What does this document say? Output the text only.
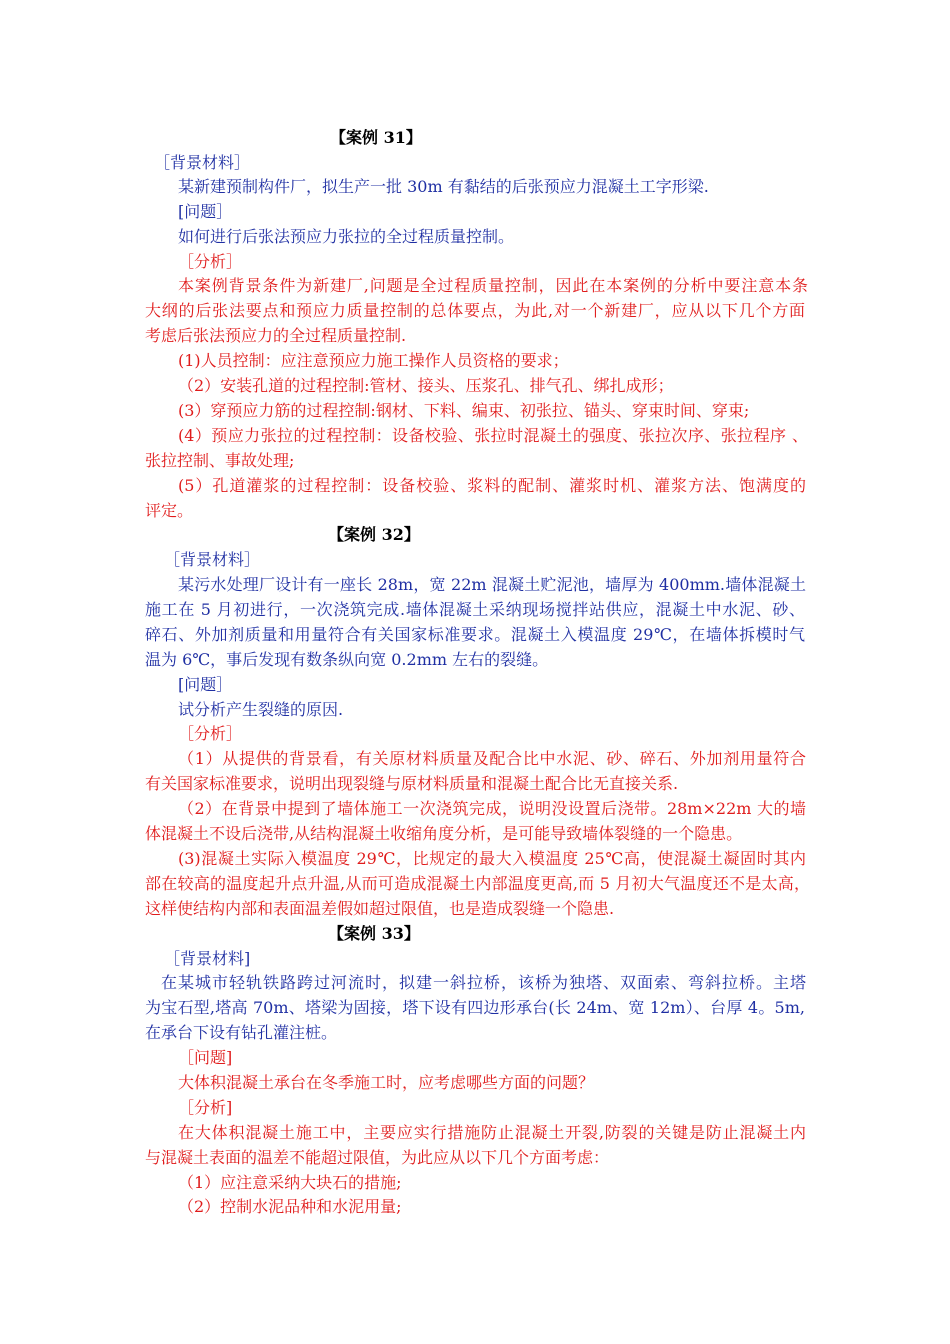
【案例 31】
［背景材料］
某新建预制构件厂，拟生产一批 30m 有黏结的后张预应力混凝土工字形梁.
[问题］
如何进行后张法预应力张拉的全过程质量控制。
［分析］
本案例背景条件为新建厂,问题是全过程质量控制，因此在本案例的分析中要注意本条
大纲的后张法要点和预应力质量控制的总体要点，为此,对一个新建厂，应从以下几个方面
考虑后张法预应力的全过程质量控制.
(1)人员控制：应注意预应力施工操作人员资格的要求；
（2）安装孔道的过程控制:管材、接头、压浆孔、排气孔、绑扎成形；
(3）穿预应力筋的过程控制:钢材、下料、编束、初张拉、锚头、穿束时间、穿束;
(4）预应力张拉的过程控制：设备校验、张拉时混凝土的强度、张拉次序、张拉程序 、
张拉控制、事故处理;
(5）孔道灌浆的过程控制：设备校验、浆料的配制、灌浆时机、灌浆方法、饱满度的
评定。
【案例 32】
［背景材料］
某污水处理厂设计有一座长 28m，宽 22m 混凝土贮泥池，墙厚为 400mm.墙体混凝土
施工在 5 月初进行，一次浇筑完成.墙体混凝土采纳现场搅拌站供应，混凝土中水泥、砂、
碎石、外加剂质量和用量符合有关国家标准要求。混凝土入模温度 29℃，在墙体拆模时气
温为 6℃，事后发现有数条纵向宽 0.2mm 左右的裂缝。
[问题］
试分析产生裂缝的原因.
［分析］
（1）从提供的背景看，有关原材料质量及配合比中水泥、砂、碎石、外加剂用量符合
有关国家标准要求，说明出现裂缝与原材料质量和混凝土配合比无直接关系.
（2）在背景中提到了墙体施工一次浇筑完成，说明没设置后浇带。28m×22m 大的墙
体混凝土不设后浇带,从结构混凝土收缩角度分析，是可能导致墙体裂缝的一个隐患。
(3)混凝土实际入模温度 29℃，比规定的最大入模温度 25℃高，使混凝土凝固时其内
部在较高的温度起升点升温,从而可造成混凝土内部温度更高,而 5 月初大气温度还不是太高，
这样使结构内部和表面温差假如超过限值，也是造成裂缝一个隐患.
【案例 33】
［背景材料]
在某城市轻轨铁路跨过河流时，拟建一斜拉桥，该桥为独塔、双面索、弯斜拉桥。主塔
为宝石型,塔高 70m、塔梁为固接，塔下设有四边形承台(长 24m、宽 12m）、台厚 4。5m,
在承台下设有钻孔灌注桩。
［问题]
大体积混凝土承台在冬季施工时，应考虑哪些方面的问题？
［分析]
在大体积混凝土施工中，主要应实行措施防止混凝土开裂,防裂的关键是防止混凝土内
与混凝土表面的温差不能超过限值，为此应从以下几个方面考虑：
（1）应注意采纳大块石的措施;
（2）控制水泥品种和水泥用量;
